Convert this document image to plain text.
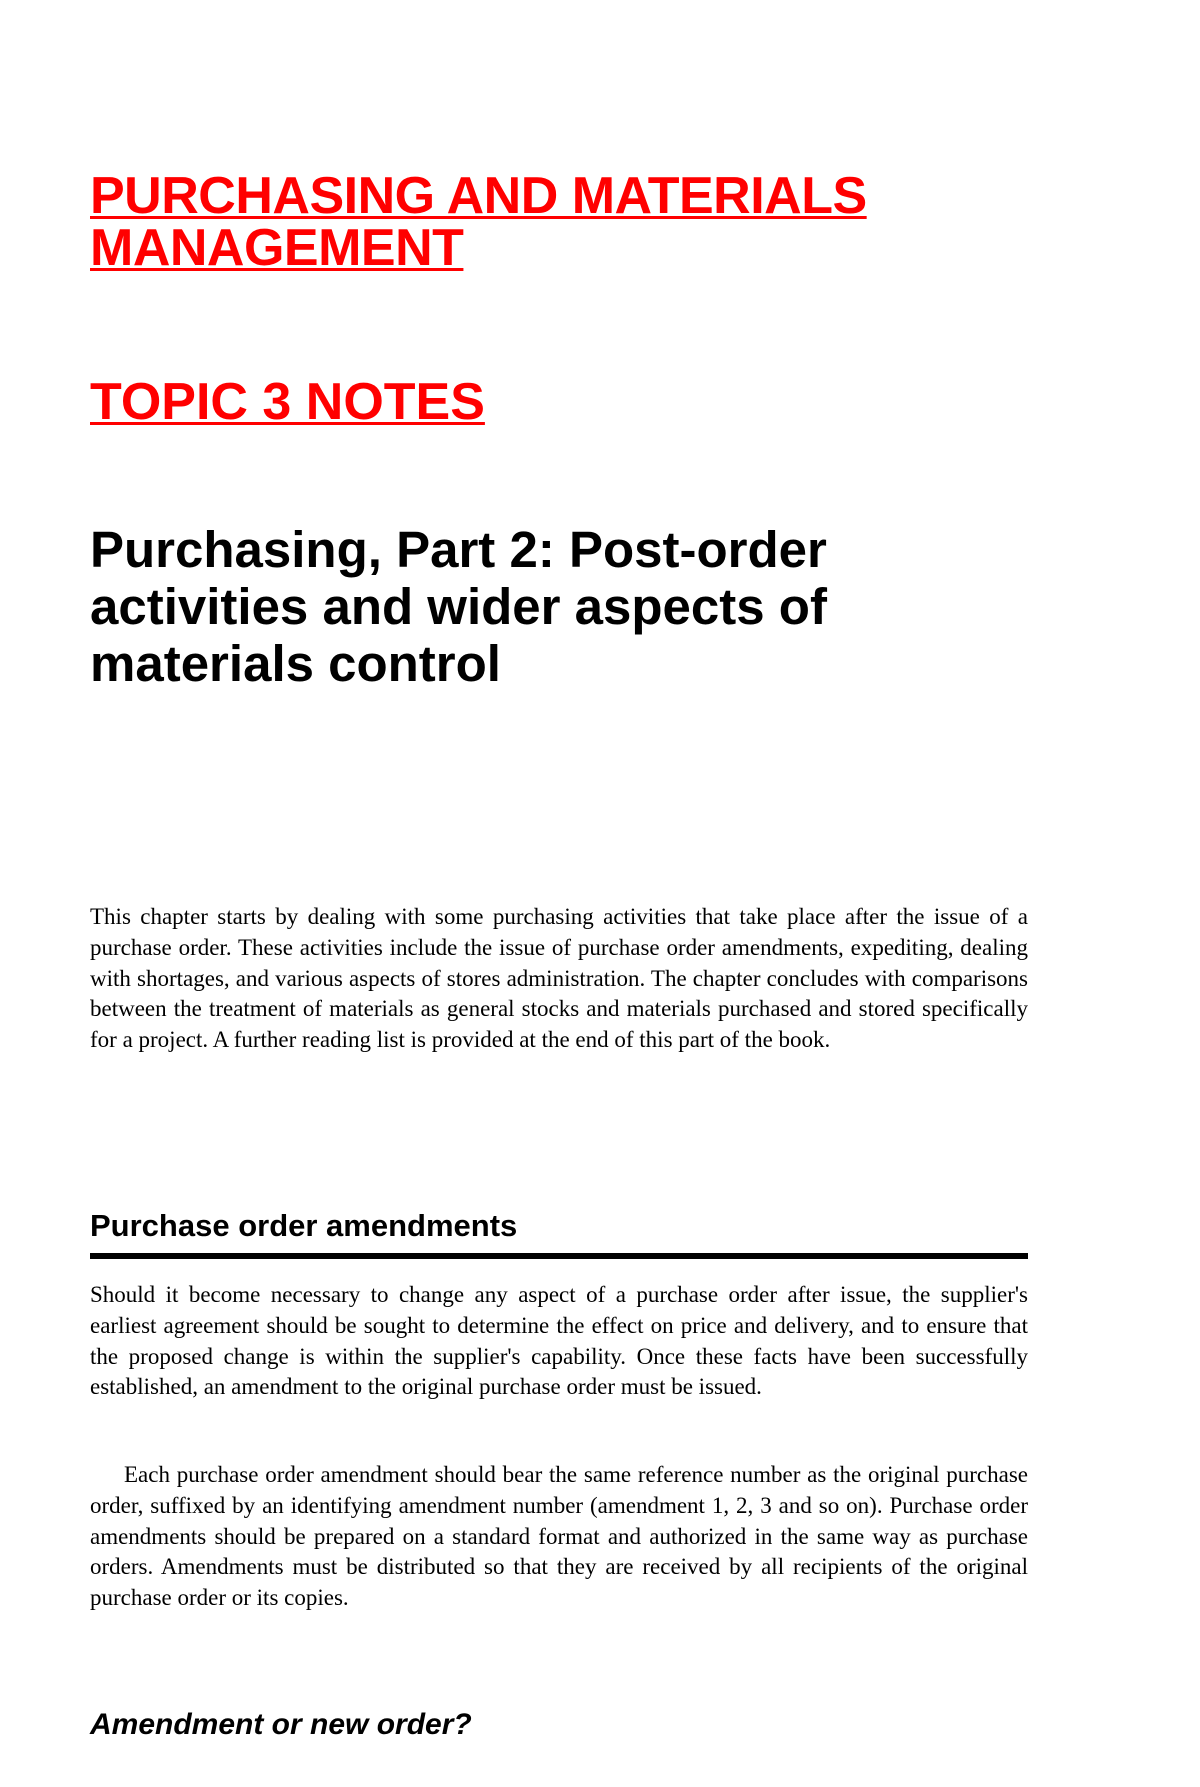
PURCHASING AND MATERIALS MANAGEMENT
TOPIC 3 NOTES
Purchasing, Part 2: Post-order activities and wider aspects of materials control

This chapter starts by dealing with some purchasing activities that take place after the issue of a purchase order. These activities include the issue of purchase order amendments, expediting, dealing with shortages, and various aspects of stores administration. The chapter concludes with comparisons between the treatment of materials as general stocks and materials purchased and stored specifically for a project. A further reading list is provided at the end of this part of the book.

Purchase order amendments

Should it become necessary to change any aspect of a purchase order after issue, the supplier's earliest agreement should be sought to determine the effect on price and delivery, and to ensure that the proposed change is within the supplier's capability. Once these facts have been successfully established, an amendment to the original purchase order must be issued.

Each purchase order amendment should bear the same reference number as the original purchase order, suffixed by an identifying amendment number (amendment 1, 2, 3 and so on). Purchase order amendments should be prepared on a standard format and authorized in the same way as purchase orders. Amendments must be distributed so that they are received by all recipients of the original purchase order or its copies.

Amendment or new order?
